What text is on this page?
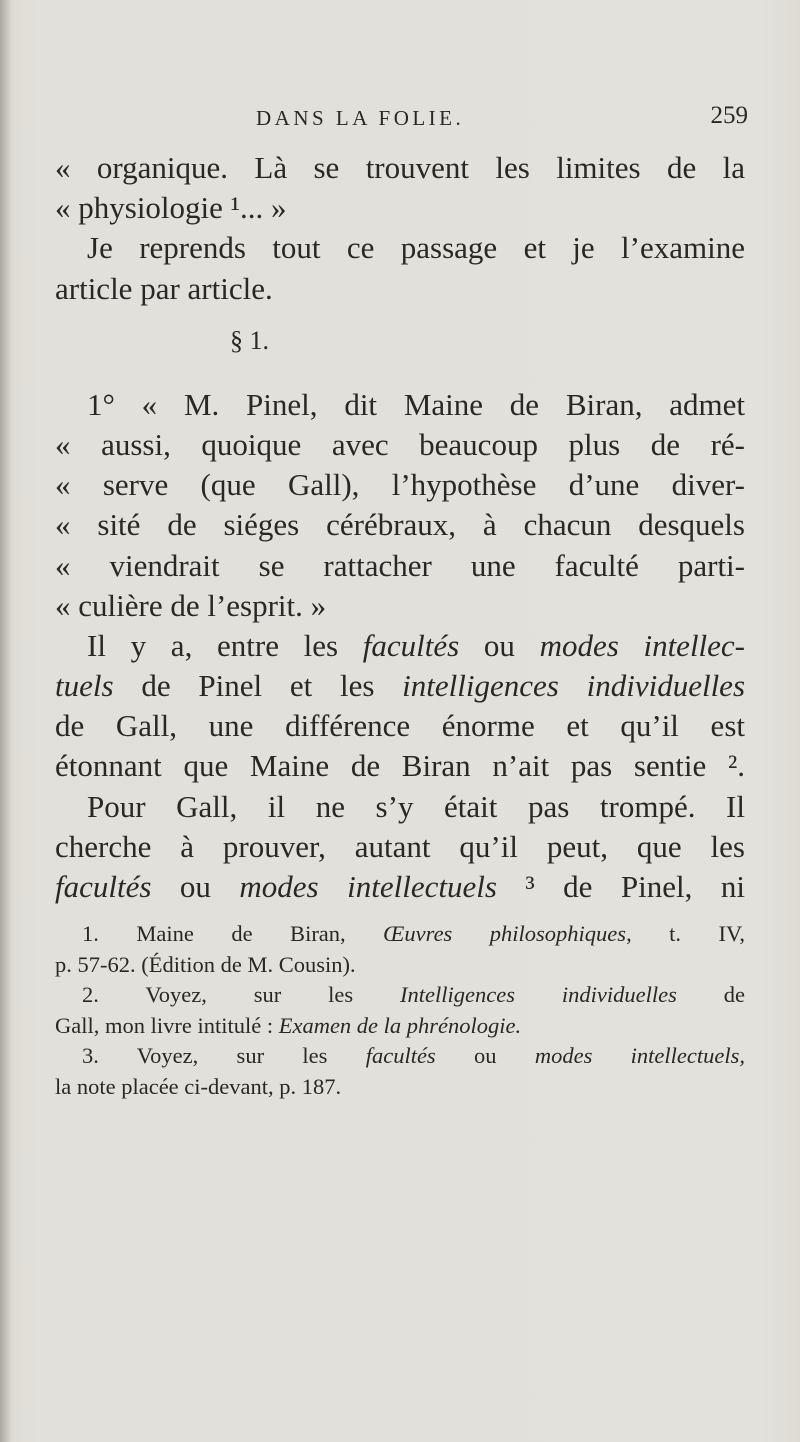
DANS LA FOLIE.	259
« organique. Là se trouvent les limites de la
« physiologie ¹... »
Je reprends tout ce passage et je l’examine
article par article.
§ 1.
1° « M. Pinel, dit Maine de Biran, admet
« aussi, quoique avec beaucoup plus de ré-
« serve (que Gall), l’hypothèse d’une diver-
« sité de siéges cérébraux, à chacun desquels
« viendrait se rattacher une faculté parti-
« culière de l’esprit. »
Il y a, entre les facultés ou modes intellec-
tuels de Pinel et les intelligences individuelles
de Gall, une différence énorme et qu’il est
étonnant que Maine de Biran n’ait pas sentie ².
Pour Gall, il ne s’y était pas trompé. Il
cherche à prouver, autant qu’il peut, que les
facultés ou modes intellectuels ³ de Pinel, ni
1. Maine de Biran, Œuvres philosophiques, t. IV,
p. 57-62. (Édition de M. Cousin).
2. Voyez, sur les Intelligences individuelles de
Gall, mon livre intitulé : Examen de la phrénologie.
3. Voyez, sur les facultés ou modes intellectuels,
la note placée ci-devant, p. 187.
